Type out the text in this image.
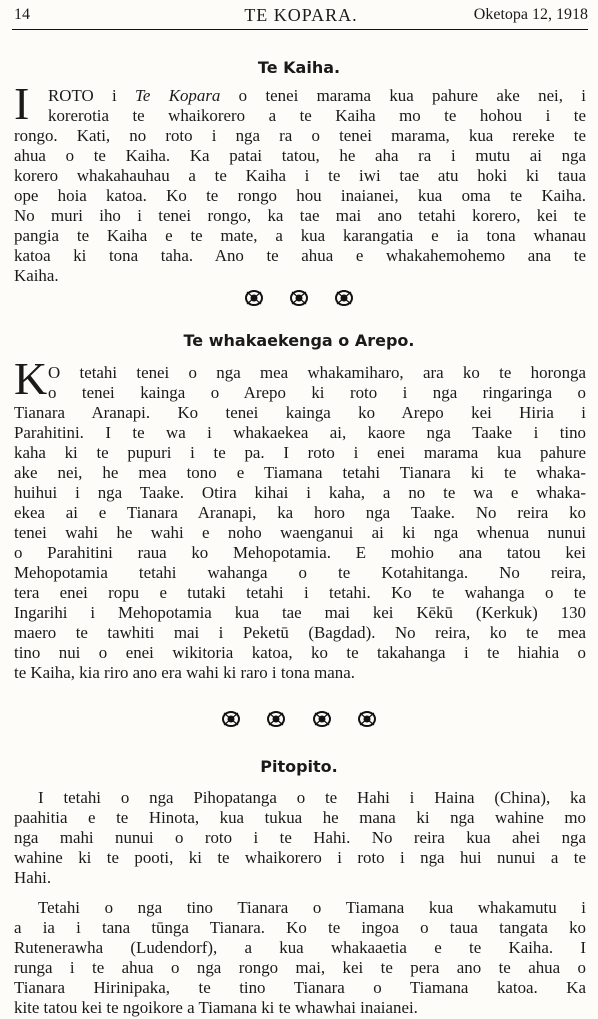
14	TE KOPARA.	Oketopa 12, 1918
Te Kaiha.
I	ROTO i Te Kopara o tenei marama kua pahure ake nei, i
korerotia te whaikorero a te Kaiha mo te hohou i te
rongo. Kati, no roto i nga ra o tenei marama, kua rereke te
ahua o te Kaiha. Ka patai tatou, he aha ra i mutu ai nga
korero whakahauhau a te Kaiha i te iwi tae atu hoki ki taua
ope hoia katoa. Ko te rongo hou inaianei, kua oma te Kaiha.
No muri iho i tenei rongo, ka tae mai ano tetahi korero, kei te
pangia te Kaiha e te mate, a kua karangatia e ia tona whanau
katoa ki tona taha. Ano te ahua e whakahemohemo ana te
Kaiha.

Te whakaekenga o Arepo.
K O tetahi tenei o nga mea whakamiharo, ara ko te horonga
o tenei kainga o Arepo ki roto i nga ringaringa o
Tianara Aranapi. Ko tenei kainga ko Arepo kei Hiria i
Parahitini. I te wa i whakaekea ai, kaore nga Taake i tino
kaha ki te pupuri i te pa. I roto i enei marama kua pahure
ake nei, he mea tono e Tiamana tetahi Tianara ki te whaka-
huihui i nga Taake. Otira kihai i kaha, a no te wa e whaka-
ekea ai e Tianara Aranapi, ka horo nga Taake. No reira ko
tenei wahi he wahi e noho waenganui ai ki nga whenua nunui
o Parahitini raua ko Mehopotamia. E mohio ana tatou kei
Mehopotamia tetahi wahanga o te Kotahitanga. No reira,
tera enei ropu e tutaki tetahi i tetahi. Ko te wahanga o te
Ingarihi i Mehopotamia kua tae mai kei Kēkū (Kerkuk) 130
maero te tawhiti mai i Peketū (Bagdad). No reira, ko te mea
tino nui o enei wikitoria katoa, ko te takahanga i te hiahia o
te Kaiha, kia riro ano era wahi ki raro i tona mana.

Pitopito.
I tetahi o nga Pihopatanga o te Hahi i Haina (China), ka
paahitia e te Hinota, kua tukua he mana ki nga wahine mo
nga mahi nunui o roto i te Hahi. No reira kua ahei nga
wahine ki te pooti, ki te whaikorero i roto i nga hui nunui a te
Hahi.
Tetahi o nga tino Tianara o Tiamana kua whakamutu i
a ia i tana tūnga Tianara. Ko te ingoa o taua tangata ko
Rutenerawha (Ludendorf), a kua whakaaetia e te Kaiha. I
runga i te ahua o nga rongo mai, kei te pera ano te ahua o
Tianara Hirinipaka, te tino Tianara o Tiamana katoa. Ka
kite tatou kei te ngoikore a Tiamana ki te whawhai inaianei.
